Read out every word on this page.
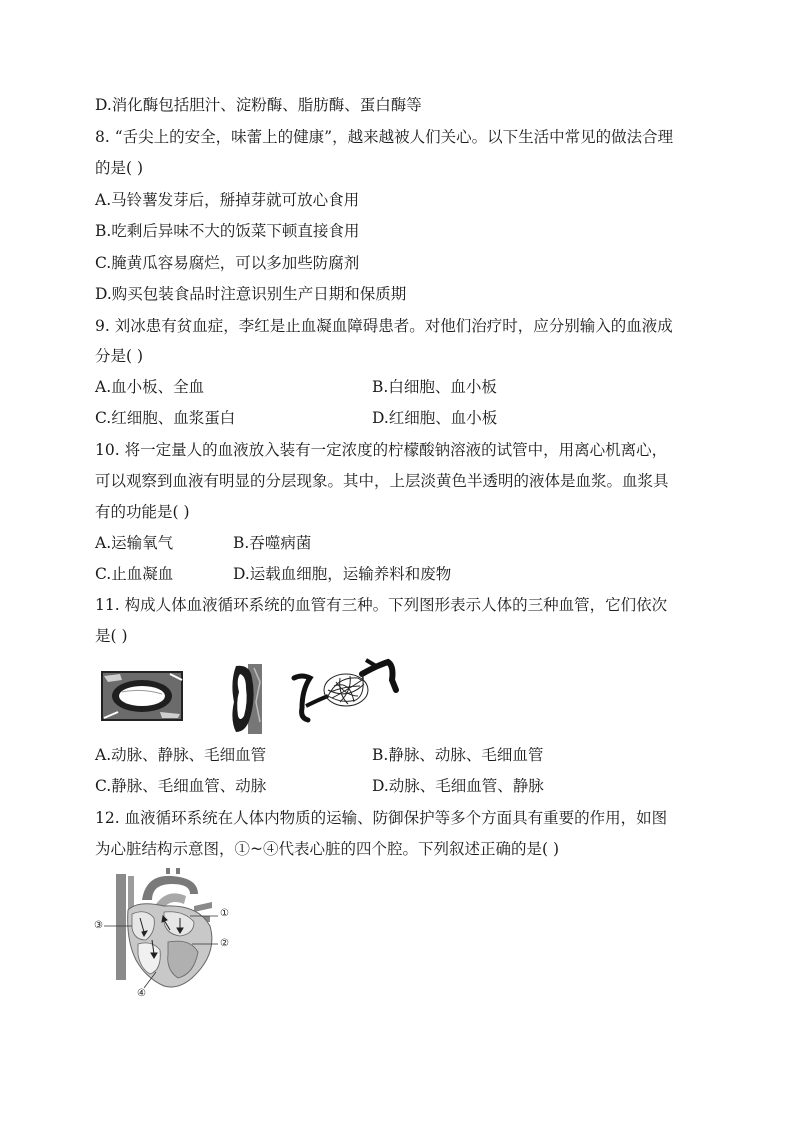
D.消化酶包括胆汁、淀粉酶、脂肪酶、蛋白酶等
8. “舌尖上的安全，味蕾上的健康”，越来越被人们关心。以下生活中常见的做法合理
的是( )
A.马铃薯发芽后，掰掉芽就可放心食用
B.吃剩后异味不大的饭菜下顿直接食用
C.腌黄瓜容易腐烂，可以多加些防腐剂
D.购买包装食品时注意识别生产日期和保质期
9. 刘冰患有贫血症，李红是止血凝血障碍患者。对他们治疗时，应分别输入的血液成
分是( )
A.血小板、全血	B.白细胞、血小板
C.红细胞、血浆蛋白	D.红细胞、血小板
10. 将一定量人的血液放入装有一定浓度的柠檬酸钠溶液的试管中，用离心机离心，
可以观察到血液有明显的分层现象。其中，上层淡黄色半透明的液体是血浆。血浆具
有的功能是( )
A.运输氧气	B.吞噬病菌
C.止血凝血	D.运载血细胞，运输养料和废物
11. 构成人体血液循环系统的血管有三种。下列图形表示人体的三种血管，它们依次
是( )
A.动脉、静脉、毛细血管	B.静脉、动脉、毛细血管
C.静脉、毛细血管、动脉	D.动脉、毛细血管、静脉
12. 血液循环系统在人体内物质的运输、防御保护等多个方面具有重要的作用，如图
为心脏结构示意图，①~④代表心脏的四个腔。下列叙述正确的是( )
①
②
③
④
